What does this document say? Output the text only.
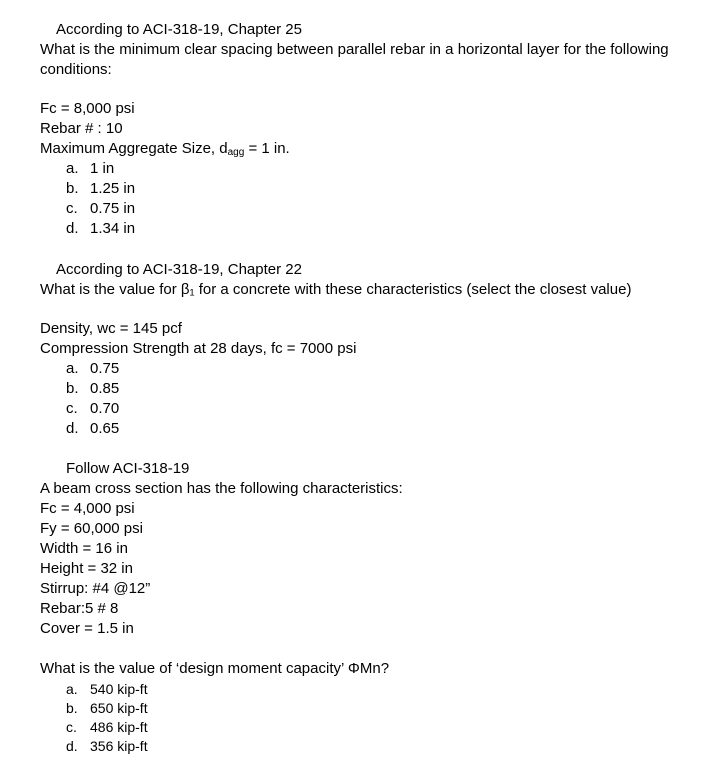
According to ACI-318-19, Chapter 25
What is the minimum clear spacing between parallel rebar in a horizontal layer for the following conditions:
Fc = 8,000 psi
Rebar # : 10
Maximum Aggregate Size, $d_{agg} = 1$ in.
a. 1 in
b. 1.25 in
c. 0.75 in
d. 1.34 in
According to ACI-318-19, Chapter 22
What is the value for β₁ for a concrete with these characteristics (select the closest value)
Density, wc = 145 pcf
Compression Strength at 28 days, fc = 7000 psi
a. 0.75
b. 0.85
c. 0.70
d. 0.65
Follow ACI-318-19
A beam cross section has the following characteristics:
Fc = 4,000 psi
Fy = 60,000 psi
Width = 16 in
Height = 32 in
Stirrup: #4 @12”
Rebar:5 # 8
Cover = 1.5 in
What is the value of ‘design moment capacity’ ΦMn?
a. 540 kip-ft
b. 650 kip-ft
c. 486 kip-ft
d. 356 kip-ft
